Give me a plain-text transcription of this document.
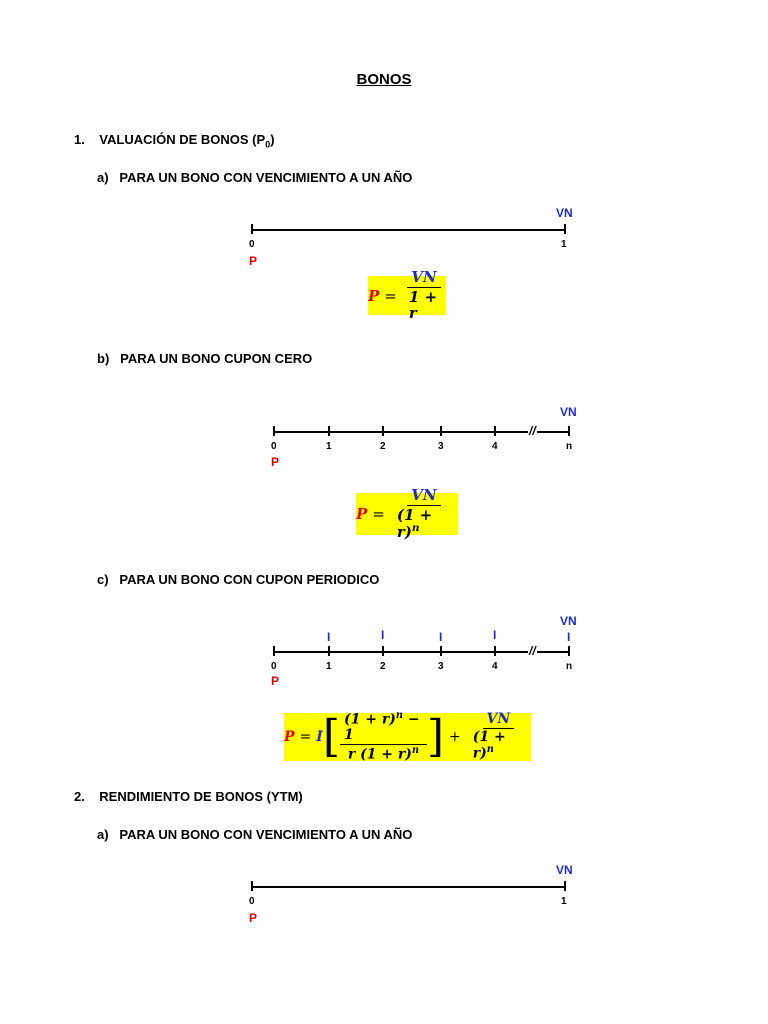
BONOS
1. VALUACIÓN DE BONOS $(P_0)$
a) PARA UN BONO CON VENCIMIENTO A UN AÑO
VN
0	1
P
$P = \frac{VN}{1 + r}$
b) PARA UN BONO CUPON CERO
VN
//
0	1	2	3	4	n
P
$P = \frac{VN}{(1 + r)^n}$
c) PARA UN BONO CON CUPON PERIODICO
VN
I	I	I	I	I
//
0	1	2	3	4	n
P
P = I [ $\frac{(1 + r)^n - 1}{r (1 + r)^n}$ ] + $\frac{VN}{(1 + r)^n}$
2. RENDIMIENTO DE BONOS (YTM)
a) PARA UN BONO CON VENCIMIENTO A UN AÑO
VN
0	1
P
